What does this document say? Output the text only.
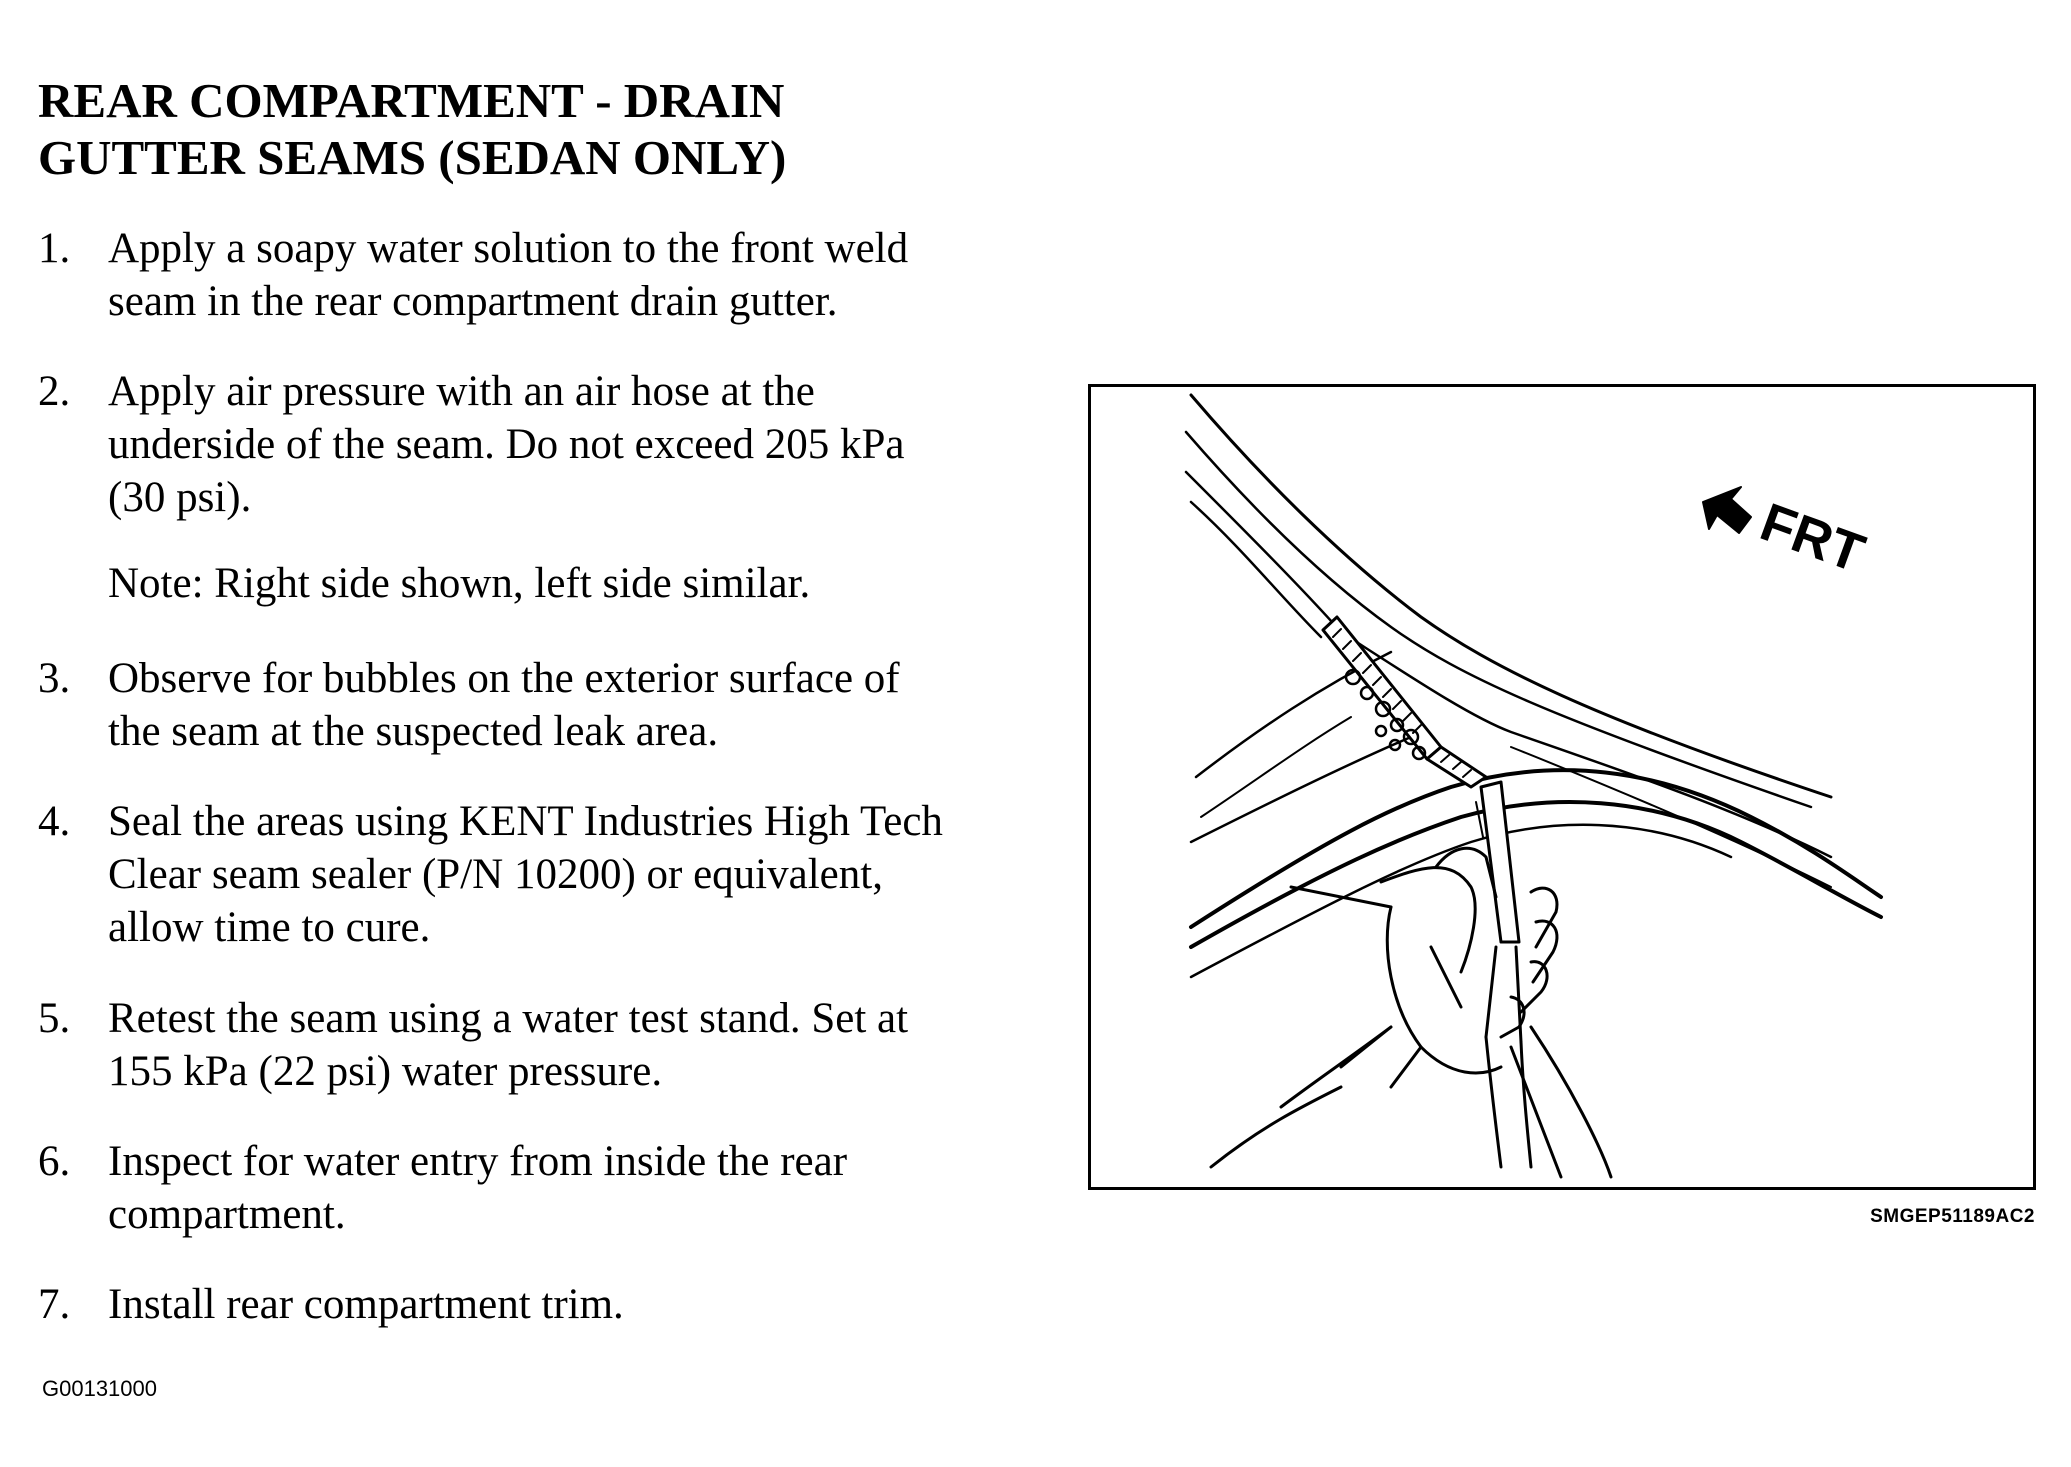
REAR COMPARTMENT - DRAIN
GUTTER SEAMS (SEDAN ONLY)
1. Apply a soapy water solution to the front weld
seam in the rear compartment drain gutter.
2. Apply air pressure with an air hose at the
underside of the seam. Do not exceed 205 kPa
(30 psi).
Note: Right side shown, left side similar.
3. Observe for bubbles on the exterior surface of
the seam at the suspected leak area.
4. Seal the areas using KENT Industries High Tech
Clear seam sealer (P/N 10200) or equivalent,
allow time to cure.
5. Retest the seam using a water test stand. Set at
155 kPa (22 psi) water pressure.
6. Inspect for water entry from inside the rear
compartment.
7. Install rear compartment trim.
FRT
SMGEP51189AC2
G00131000
